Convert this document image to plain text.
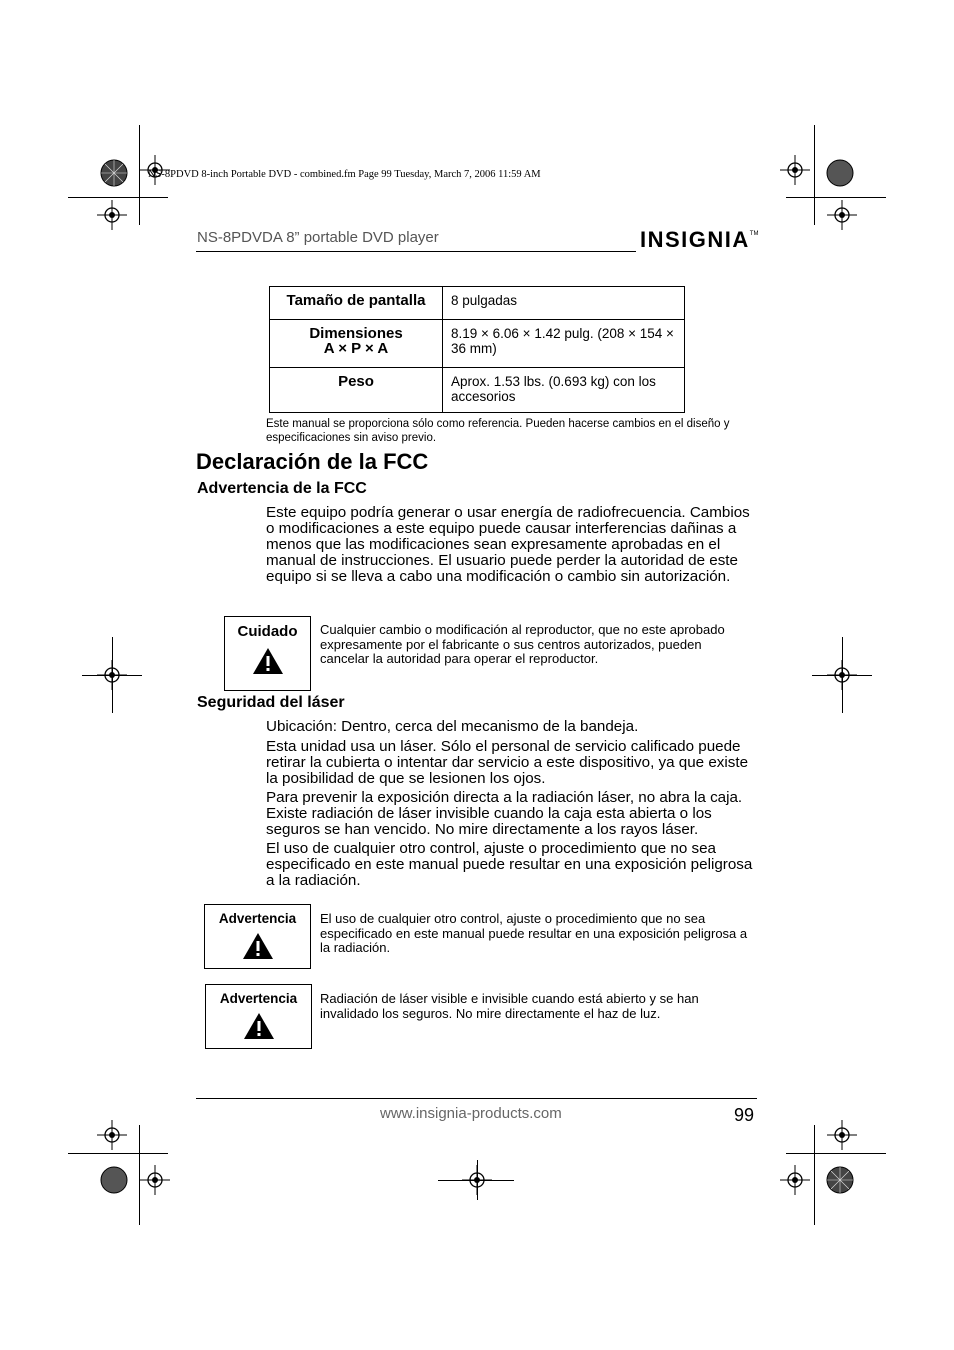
NS-8PDVD 8-inch Portable DVD - combined.fm Page 99 Tuesday, March 7, 2006 11:59 AM
NS-8PDVDA 8” portable DVD player	INSIGNIA™
Tamaño de pantalla	8 pulgadas
Dimensiones
A × P × A	8.19 × 6.06 × 1.42 pulg. (208 × 154 × 36 mm)
Peso	Aprox. 1.53 lbs. (0.693 kg) con los accesorios
Este manual se proporciona sólo como referencia. Pueden hacerse cambios en el diseño y especificaciones sin aviso previo.
Declaración de la FCC
Advertencia de la FCC

Este equipo podría generar o usar energía de radiofrecuencia. Cambios o modificaciones a este equipo puede causar interferencias dañinas a menos que las modificaciones sean expresamente aprobadas en el manual de instrucciones. El usuario puede perder la autoridad de este equipo si se lleva a cabo una modificación o cambio sin autorización.

Cuidado	Cualquier cambio o modificación al reproductor, que no este aprobado expresamente por el fabricante o sus centros autorizados, pueden cancelar la autoridad para operar el reproductor.
Seguridad del láser

Ubicación: Dentro, cerca del mecanismo de la bandeja.

Esta unidad usa un láser. Sólo el personal de servicio calificado puede retirar la cubierta o intentar dar servicio a este dispositivo, ya que existe la posibilidad de que se lesionen los ojos.

Para prevenir la exposición directa a la radiación láser, no abra la caja. Existe radiación de láser invisible cuando la caja esta abierta o los seguros se han vencido. No mire directamente a los rayos láser.

El uso de cualquier otro control, ajuste o procedimiento que no sea especificado en este manual puede resultar en una exposición peligrosa a la radiación.

Advertencia	El uso de cualquier otro control, ajuste o procedimiento que no sea especificado en este manual puede resultar en una exposición peligrosa a la radiación.
Advertencia	Radiación de láser visible e invisible cuando está abierto y se han invalidado los seguros. No mire directamente el haz de luz.
www.insignia-products.com	99
